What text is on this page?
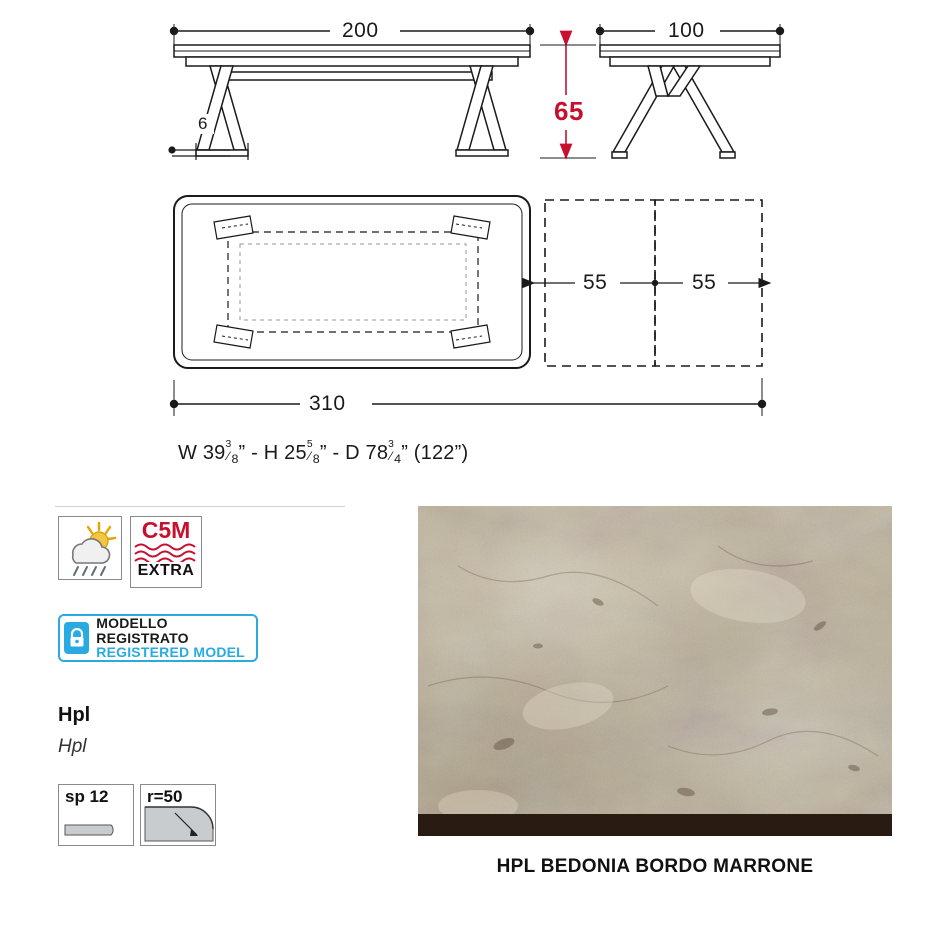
200	100
65
6
55	55
310
W 39 3
⁄ $_8$” - H 25 5
⁄ $_8$” - D 78 3
⁄ $_4$” (122”)
C5M
EXTRA
MODELLO REGISTRATO
REGISTERED MODEL
Hpl
Hpl
sp 12 r=50
HPL BEDONIA BORDO MARRONE
